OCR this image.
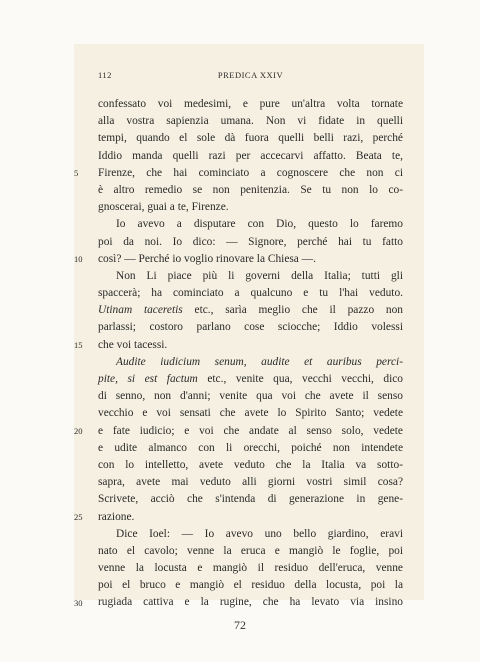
112	PREDICA XXIV
confessato voi medesimi, e pure un'altra volta tornate
alla vostra sapienzia umana. Non vi fidate in quelli
tempi, quando el sole dà fuora quelli belli razi, perché
Iddio manda quelli razi per accecarvi affatto. Beata te,
Firenze, che hai cominciato a cognoscere che non ci
è altro remedio se non penitenzia. Se tu non lo co-
gnoscerai, guai a te, Firenze.
Io avevo a disputare con Dio, questo lo faremo
poi da noi. Io dico: — Signore, perché hai tu fatto
così? — Perché io voglio rinovare la Chiesa —.
Non Li piace più li governi della Italia; tutti gli
spaccerà; ha cominciato a qualcuno e tu l'hai veduto.
Utinam taceretis etc., sarìa meglio che il pazzo non
parlassi; costoro parlano cose sciocche; Iddio volessi
che voi tacessi.
Audite iudicium senum, audite et auribus perci-
pite, si est factum etc., venite qua, vecchi vecchi, dico
di senno, non d'anni; venite qua voi che avete il senso
vecchio e voi sensati che avete lo Spirito Santo; vedete
e fate iudicio; e voi che andate al senso solo, vedete
e udite almanco con li orecchi, poiché non intendete
con lo intelletto, avete veduto che la Italia va sotto-
sapra, avete mai veduto alli giorni vostri simil cosa?
Scrivete, acciò che s'intenda di generazione in gene-
razione.
Dice Ioel: — Io avevo uno bello giardino, eravi
nato el cavolo; venne la eruca e mangiò le foglie, poi
venne la locusta e mangiò il residuo dell'eruca, venne
poi el bruco e mangiò el residuo della locusta, poi la
rugiada cattiva e la rugine, che ha levato via insino
5
10
15
20
25
30
72
